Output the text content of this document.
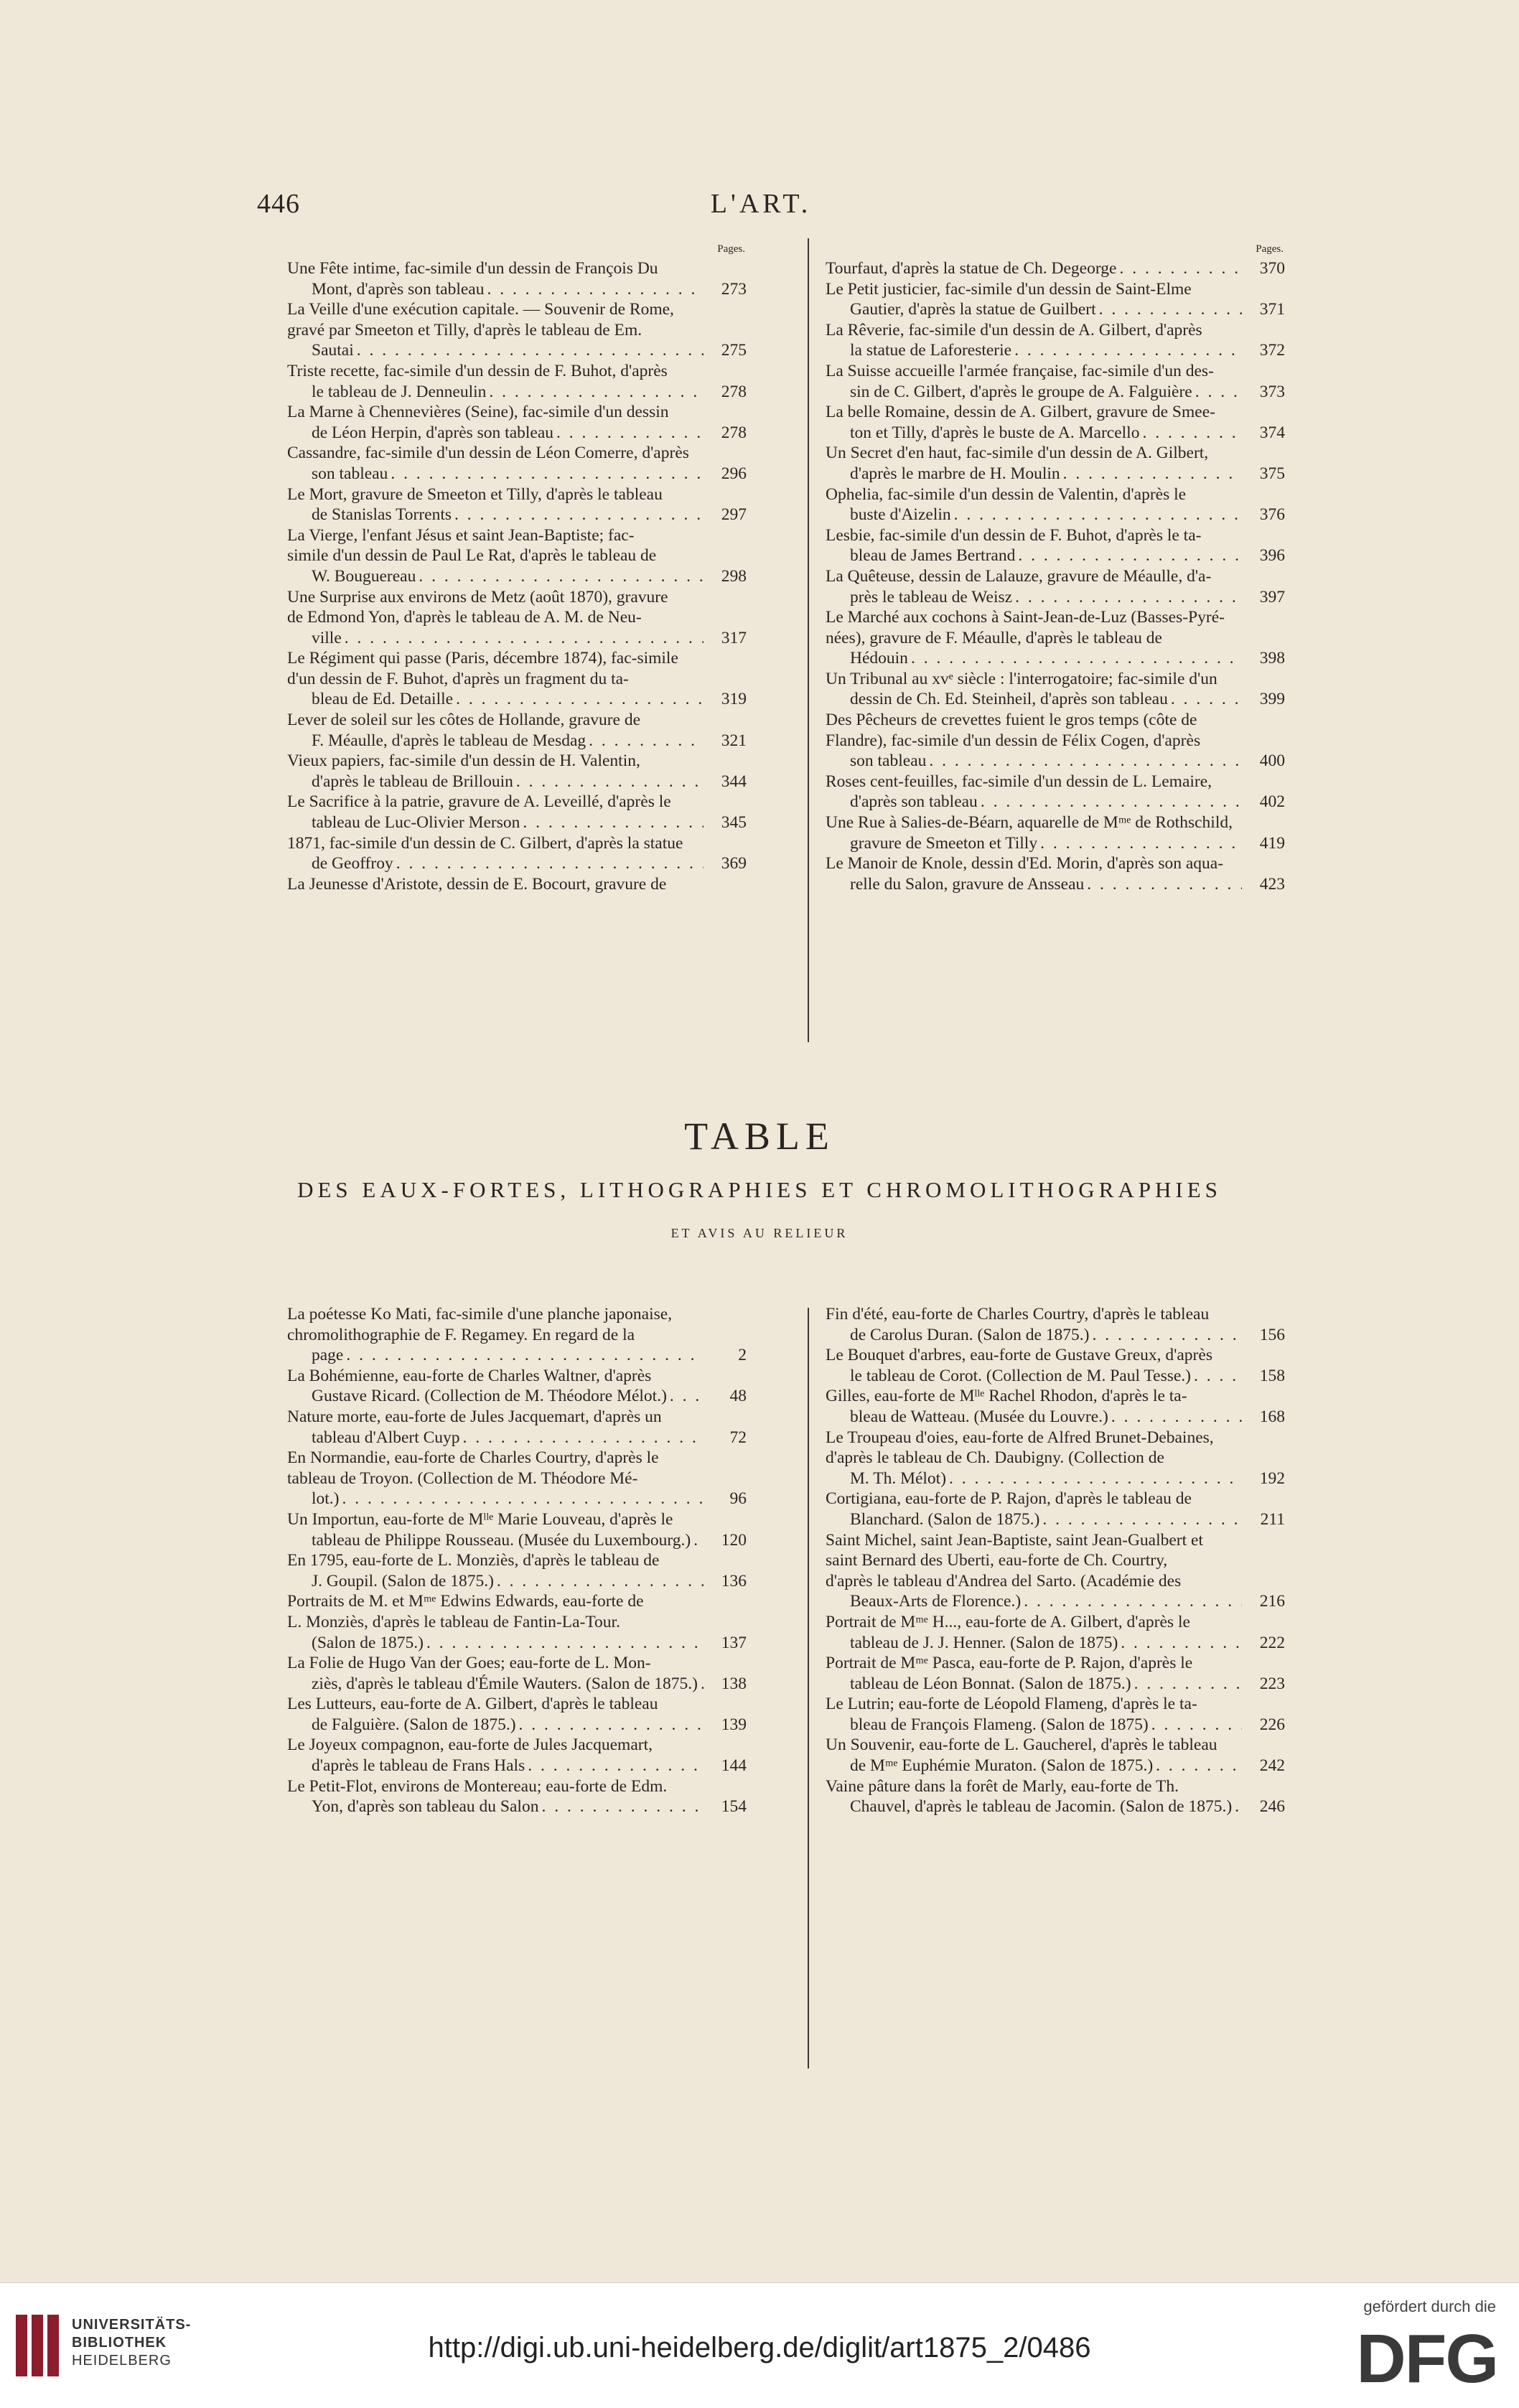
446	L'ART.
Pages.
Une Fête intime, fac-simile d'un dessin de François Du
Mont, d'après son tableau . . .	273
La Veille d'une exécution capitale. — Souvenir de Rome,
gravé par Smeeton et Tilly, d'après le tableau de Em.
Sautai . . .	275
Triste recette, fac-simile d'un dessin de F. Buhot, d'après
le tableau de J. Denneulin . . .	278
La Marne à Chennevières (Seine), fac-simile d'un dessin
de Léon Herpin, d'après son tableau . . .	278
Cassandre, fac-simile d'un dessin de Léon Comerre, d'après
son tableau . . .	296
Le Mort, gravure de Smeeton et Tilly, d'après le tableau
de Stanislas Torrents . . .	297
La Vierge, l'enfant Jésus et saint Jean-Baptiste; fac-
simile d'un dessin de Paul Le Rat, d'après le tableau de
W. Bouguereau . . .	298
Une Surprise aux environs de Metz (août 1870), gravure
de Edmond Yon, d'après le tableau de A. M. de Neu-
ville . . .	317
Le Régiment qui passe (Paris, décembre 1874), fac-simile
d'un dessin de F. Buhot, d'après un fragment du ta-
bleau de Ed. Detaille . . .	319
Lever de soleil sur les côtes de Hollande, gravure de
F. Méaulle, d'après le tableau de Mesdag . . .	321
Vieux papiers, fac-simile d'un dessin de H. Valentin,
d'après le tableau de Brillouin . . .	344
Le Sacrifice à la patrie, gravure de A. Leveillé, d'après le
tableau de Luc-Olivier Merson . . .	345
1871, fac-simile d'un dessin de C. Gilbert, d'après la statue
de Geoffroy . . .	369
La Jeunesse d'Aristote, dessin de E. Bocourt, gravure de
Pages.
Tourfaut, d'après la statue de Ch. Degeorge . . .	370
Le Petit justicier, fac-simile d'un dessin de Saint-Elme
Gautier, d'après la statue de Guilbert . . .	371
La Rêverie, fac-simile d'un dessin de A. Gilbert, d'après
la statue de Laforesterie . . .	372
La Suisse accueille l'armée française, fac-simile d'un des-
sin de C. Gilbert, d'après le groupe de A. Falguière . . .	373
La belle Romaine, dessin de A. Gilbert, gravure de Smee-
ton et Tilly, d'après le buste de A. Marcello . . .	374
Un Secret d'en haut, fac-simile d'un dessin de A. Gilbert,
d'après le marbre de H. Moulin . . .	375
Ophelia, fac-simile d'un dessin de Valentin, d'après le
buste d'Aizelin . . .	376
Lesbie, fac-simile d'un dessin de F. Buhot, d'après le ta-
bleau de James Bertrand . . .	396
La Quêteuse, dessin de Lalauze, gravure de Méaulle, d'a-
près le tableau de Weisz . . .	397
Le Marché aux cochons à Saint-Jean-de-Luz (Basses-Pyré-
nées), gravure de F. Méaulle, d'après le tableau de
Hédouin . . .	398
Un Tribunal au xvᵉ siècle : l'interrogatoire; fac-simile d'un
dessin de Ch. Ed. Steinheil, d'après son tableau . . .	399
Des Pêcheurs de crevettes fuient le gros temps (côte de
Flandre), fac-simile d'un dessin de Félix Cogen, d'après
son tableau . . .	400
Roses cent-feuilles, fac-simile d'un dessin de L. Lemaire,
d'après son tableau . . .	402
Une Rue à Salies-de-Béarn, aquarelle de Mᵐᵉ de Rothschild,
gravure de Smeeton et Tilly . . .	419
Le Manoir de Knole, dessin d'Ed. Morin, d'après son aqua-
relle du Salon, gravure de Ansseau . . .	423
TABLE
DES EAUX-FORTES, LITHOGRAPHIES ET CHROMOLITHOGRAPHIES
ET AVIS AU RELIEUR
La poétesse Ko Mati, fac-simile d'une planche japonaise,
chromolithographie de F. Regamey. En regard de la
page . . .	2
La Bohémienne, eau-forte de Charles Waltner, d'après
Gustave Ricard. (Collection de M. Théodore Mélot.) . . .	48
Nature morte, eau-forte de Jules Jacquemart, d'après un
tableau d'Albert Cuyp . . .	72
En Normandie, eau-forte de Charles Courtry, d'après le
tableau de Troyon. (Collection de M. Théodore Mé-
lot.) . . .	96
Un Importun, eau-forte de Mˡˡᵉ Marie Louveau, d'après le
tableau de Philippe Rousseau. (Musée du Luxembourg.) . . .	120
En 1795, eau-forte de L. Monziès, d'après le tableau de
J. Goupil. (Salon de 1875.) . . .	136
Portraits de M. et Mᵐᵉ Edwins Edwards, eau-forte de
L. Monziès, d'après le tableau de Fantin-La-Tour.
(Salon de 1875.) . . .	137
La Folie de Hugo Van der Goes; eau-forte de L. Mon-
ziès, d'après le tableau d'Émile Wauters. (Salon de 1875.) . . .	138
Les Lutteurs, eau-forte de A. Gilbert, d'après le tableau
de Falguière. (Salon de 1875.) . . .	139
Le Joyeux compagnon, eau-forte de Jules Jacquemart,
d'après le tableau de Frans Hals . . .	144
Le Petit-Flot, environs de Montereau; eau-forte de Edm.
Yon, d'après son tableau du Salon . . .	154
Fin d'été, eau-forte de Charles Courtry, d'après le tableau
de Carolus Duran. (Salon de 1875.) . . .	156
Le Bouquet d'arbres, eau-forte de Gustave Greux, d'après
le tableau de Corot. (Collection de M. Paul Tesse.) . . .	158
Gilles, eau-forte de Mˡˡᵉ Rachel Rhodon, d'après le ta-
bleau de Watteau. (Musée du Louvre.) . . .	168
Le Troupeau d'oies, eau-forte de Alfred Brunet-Debaines,
d'après le tableau de Ch. Daubigny. (Collection de
M. Th. Mélot) . . .	192
Cortigiana, eau-forte de P. Rajon, d'après le tableau de
Blanchard. (Salon de 1875.) . . .	211
Saint Michel, saint Jean-Baptiste, saint Jean-Gualbert et
saint Bernard des Uberti, eau-forte de Ch. Courtry,
d'après le tableau d'Andrea del Sarto. (Académie des
Beaux-Arts de Florence.) . . .	216
Portrait de Mᵐᵉ H..., eau-forte de A. Gilbert, d'après le
tableau de J. J. Henner. (Salon de 1875) . . .	222
Portrait de Mᵐᵉ Pasca, eau-forte de P. Rajon, d'après le
tableau de Léon Bonnat. (Salon de 1875.) . . .	223
Le Lutrin; eau-forte de Léopold Flameng, d'après le ta-
bleau de François Flameng. (Salon de 1875) . . .	226
Un Souvenir, eau-forte de L. Gaucherel, d'après le tableau
de Mᵐᵉ Euphémie Muraton. (Salon de 1875.) . . .	242
Vaine pâture dans la forêt de Marly, eau-forte de Th.
Chauvel, d'après le tableau de Jacomin. (Salon de 1875.) . . .	246
UNIVERSITÄTS-
BIBLIOTHEK
HEIDELBERG	http://digi.ub.uni-heidelberg.de/diglit/art1875_2/0486
gefördert durch die
DFG
